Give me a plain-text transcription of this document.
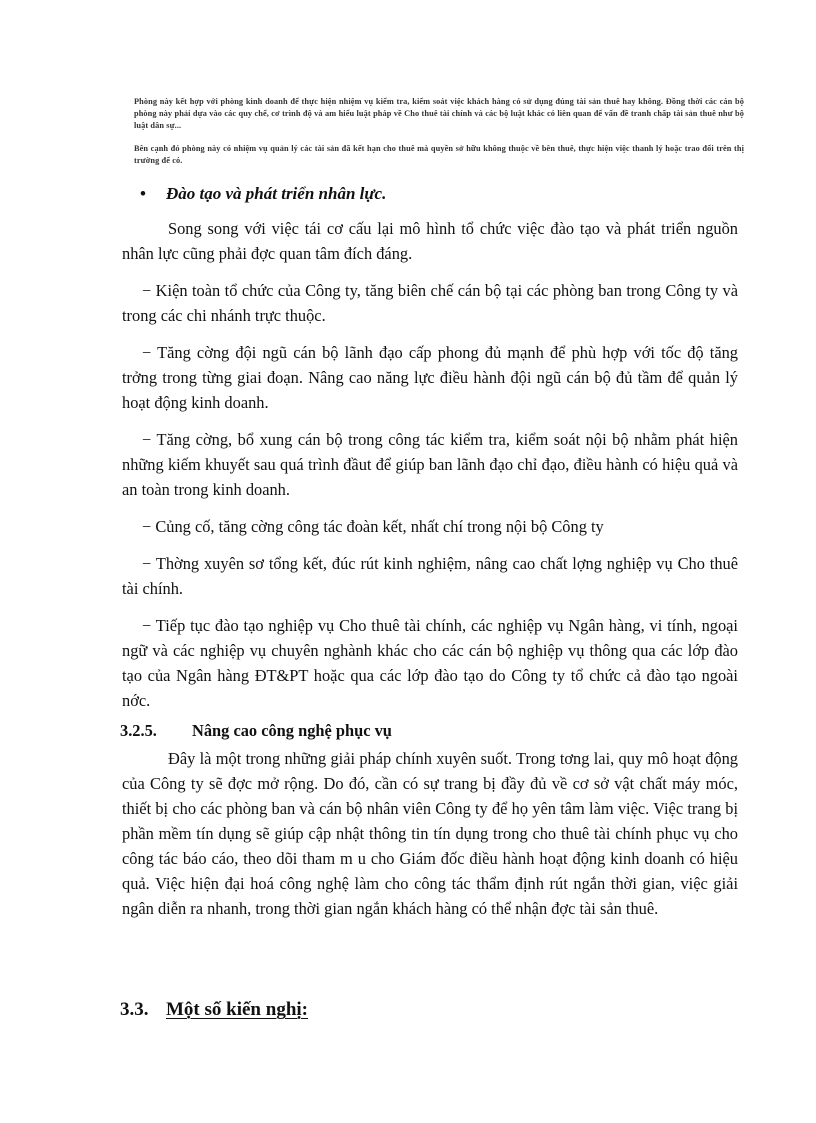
Phòng này kết hợp với phòng kinh doanh để thực hiện nhiệm vụ kiểm tra, kiểm soát việc khách hàng có sử dụng đúng tài sản thuê hay không. Đồng thời các cán bộ phòng này phải dựa vào các quy chế, cơ trình độ và am hiểu luật pháp về Cho thuê tài chính và các bộ luật khác có liên quan để vấn đề tranh chấp tài sản thuê như bộ luật dân sự...
Bên cạnh đó phòng này có nhiệm vụ quản lý các tài sản đã kết hạn cho thuê mà quyền sở hữu không thuộc về bên thuê, thực hiện việc thanh lý hoặc trao đổi trên thị trường để có.
• Đào tạo và phát triển nhân lực.
Song song với việc tái cơ cấu lại mô hình tổ chức việc đào tạo và phát triển nguồn nhân lực cũng phải đợc quan tâm đích đáng.
− Kiện toàn tổ chức của Công ty, tăng biên chế cán bộ tại các phòng ban trong Công ty và trong các chi nhánh trực thuộc.
− Tăng cờng đội ngũ cán bộ lãnh đạo cấp phong đủ mạnh để phù hợp với tốc độ tăng trởng trong từng giai đoạn. Nâng cao năng lực điều hành đội ngũ cán bộ đủ tầm để quản lý hoạt động kinh doanh.
− Tăng cờng, bổ xung cán bộ trong công tác kiểm tra, kiểm soát nội bộ nhằm phát hiện những kiếm khuyết sau quá trình đầut để giúp ban lãnh đạo chỉ đạo, điều hành có hiệu quả và an toàn trong kinh doanh.
− Củng cố, tăng cờng công tác đoàn kết, nhất chí trong nội bộ Công ty
− Thờng xuyên sơ tổng kết, đúc rút kinh nghiệm, nâng cao chất lợng nghiệp vụ Cho thuê tài chính.
− Tiếp tục đào tạo nghiệp vụ Cho thuê tài chính, các nghiệp vụ Ngân hàng, vi tính, ngoại ngữ và các nghiệp vụ chuyên nghành khác cho các cán bộ nghiệp vụ thông qua các lớp đào tạo của Ngân hàng ĐT&PT hoặc qua các lớp đào tạo do Công ty tổ chức cả đào tạo ngoài nớc.
3.2.5. Nâng cao công nghệ phục vụ
Đây là một trong những giải pháp chính xuyên suốt. Trong tơng lai, quy mô hoạt động của Công ty sẽ đợc mở rộng. Do đó, cần có sự trang bị đầy đủ về cơ sở vật chất máy móc, thiết bị cho các phòng ban và cán bộ nhân viên Công ty để họ yên tâm làm việc. Việc trang bị phần mềm tín dụng sẽ giúp cập nhật thông tin tín dụng trong cho thuê tài chính phục vụ cho công tác báo cáo, theo dõi tham m u cho Giám đốc điều hành hoạt động kinh doanh có hiệu quả. Việc hiện đại hoá công nghệ làm cho công tác thẩm định rút ngắn thời gian, việc giải ngân diễn ra nhanh, trong thời gian ngắn khách hàng có thể nhận đợc tài sản thuê.
3.3. Một số kiến nghị:
